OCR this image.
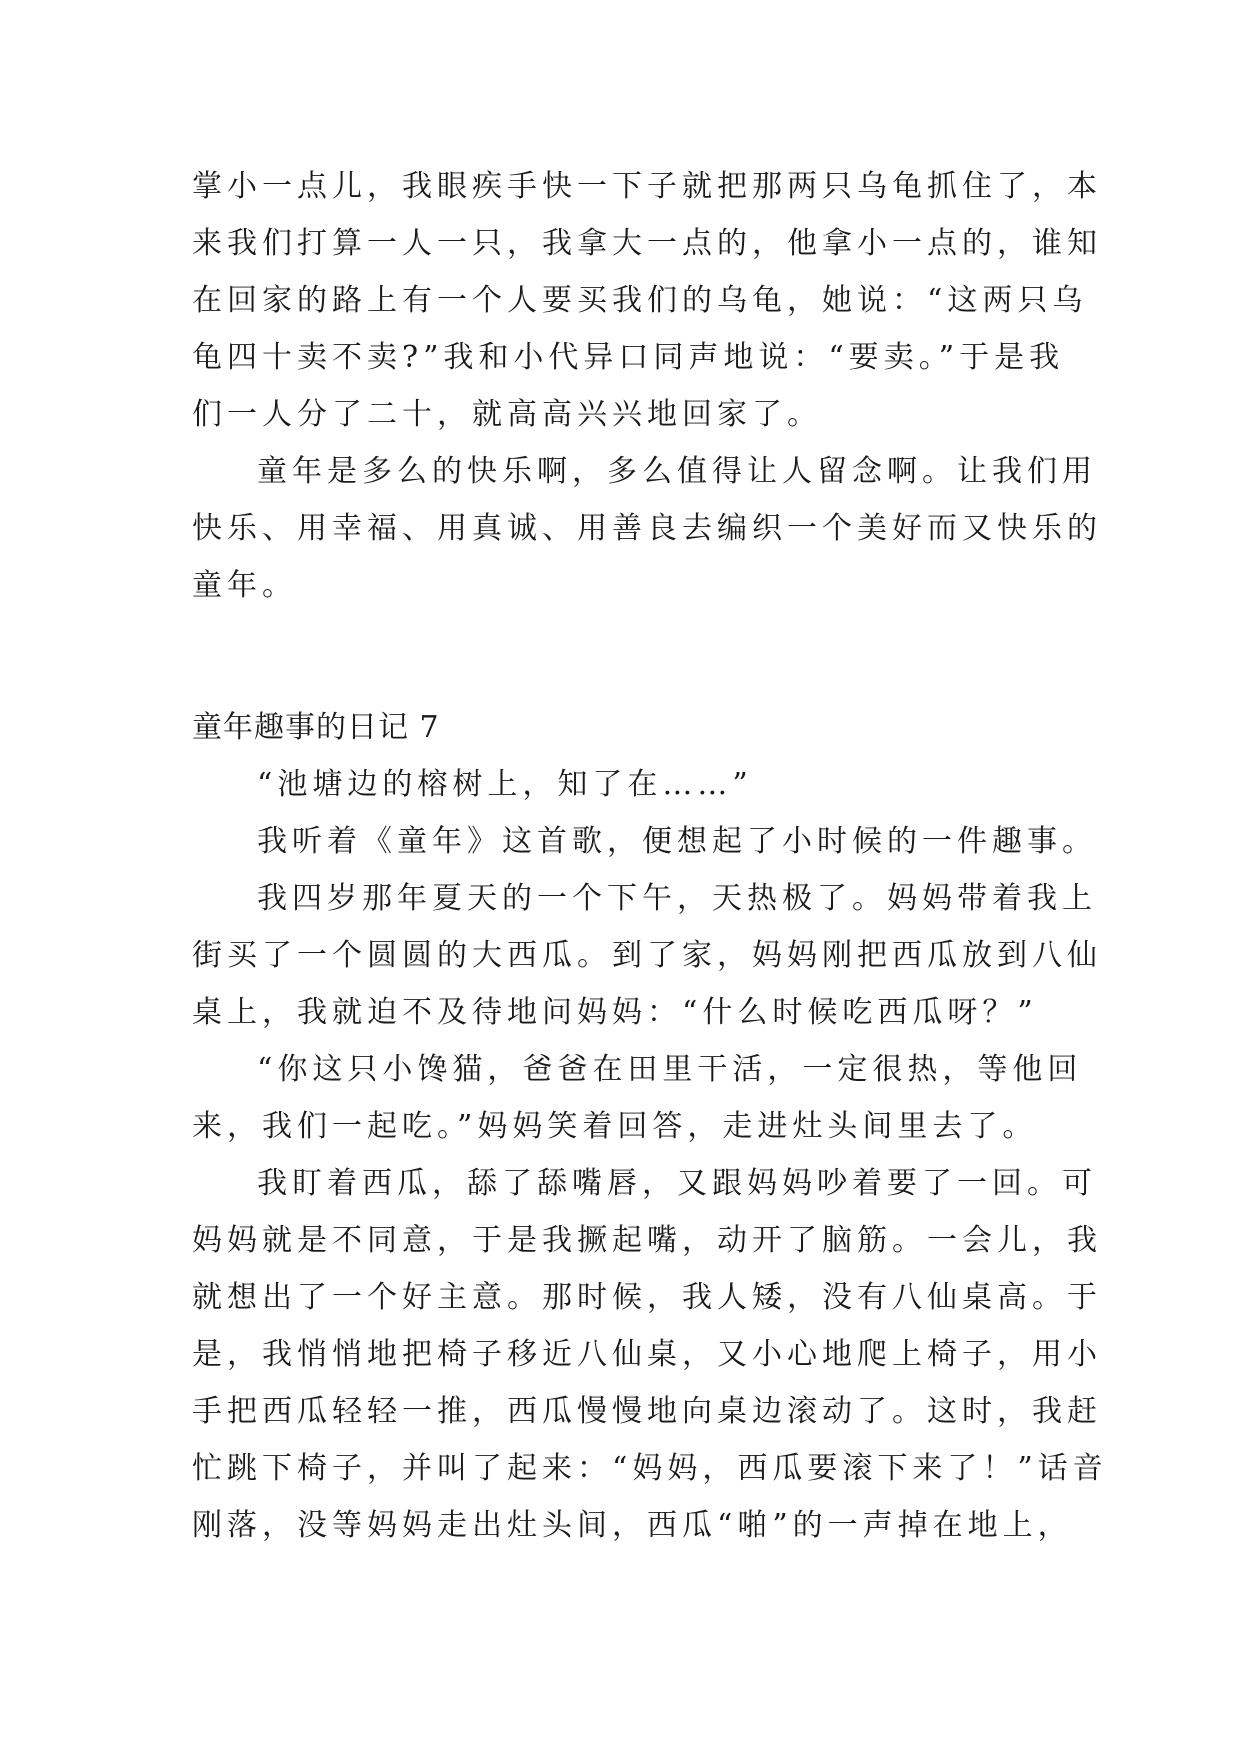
掌小一点儿，我眼疾手快一下子就把那两只乌龟抓住了，本
来我们打算一人一只，我拿大一点的，他拿小一点的，谁知
在回家的路上有一个人要买我们的乌龟，她说：“这两只乌
龟四十卖不卖?”我和小代异口同声地说：“要卖。”于是我
们一人分了二十，就高高兴兴地回家了。
童年是多么的快乐啊，多么值得让人留念啊。让我们用
快乐、用幸福、用真诚、用善良去编织一个美好而又快乐的
童年。
童年趣事的日记 7
“池塘边的榕树上，知了在……”
我听着《童年》这首歌，便想起了小时候的一件趣事。
我四岁那年夏天的一个下午，天热极了。妈妈带着我上
街买了一个圆圆的大西瓜。到了家，妈妈刚把西瓜放到八仙
桌上，我就迫不及待地问妈妈：“什么时候吃西瓜呀？”
“你这只小馋猫，爸爸在田里干活，一定很热，等他回
来，我们一起吃。”妈妈笑着回答，走进灶头间里去了。
我盯着西瓜，舔了舔嘴唇，又跟妈妈吵着要了一回。可
妈妈就是不同意，于是我撅起嘴，动开了脑筋。一会儿，我
就想出了一个好主意。那时候，我人矮，没有八仙桌高。于
是，我悄悄地把椅子移近八仙桌，又小心地爬上椅子，用小
手把西瓜轻轻一推，西瓜慢慢地向桌边滚动了。这时，我赶
忙跳下椅子，并叫了起来：“妈妈，西瓜要滚下来了！”话音
刚落，没等妈妈走出灶头间，西瓜“啪”的一声掉在地上，
